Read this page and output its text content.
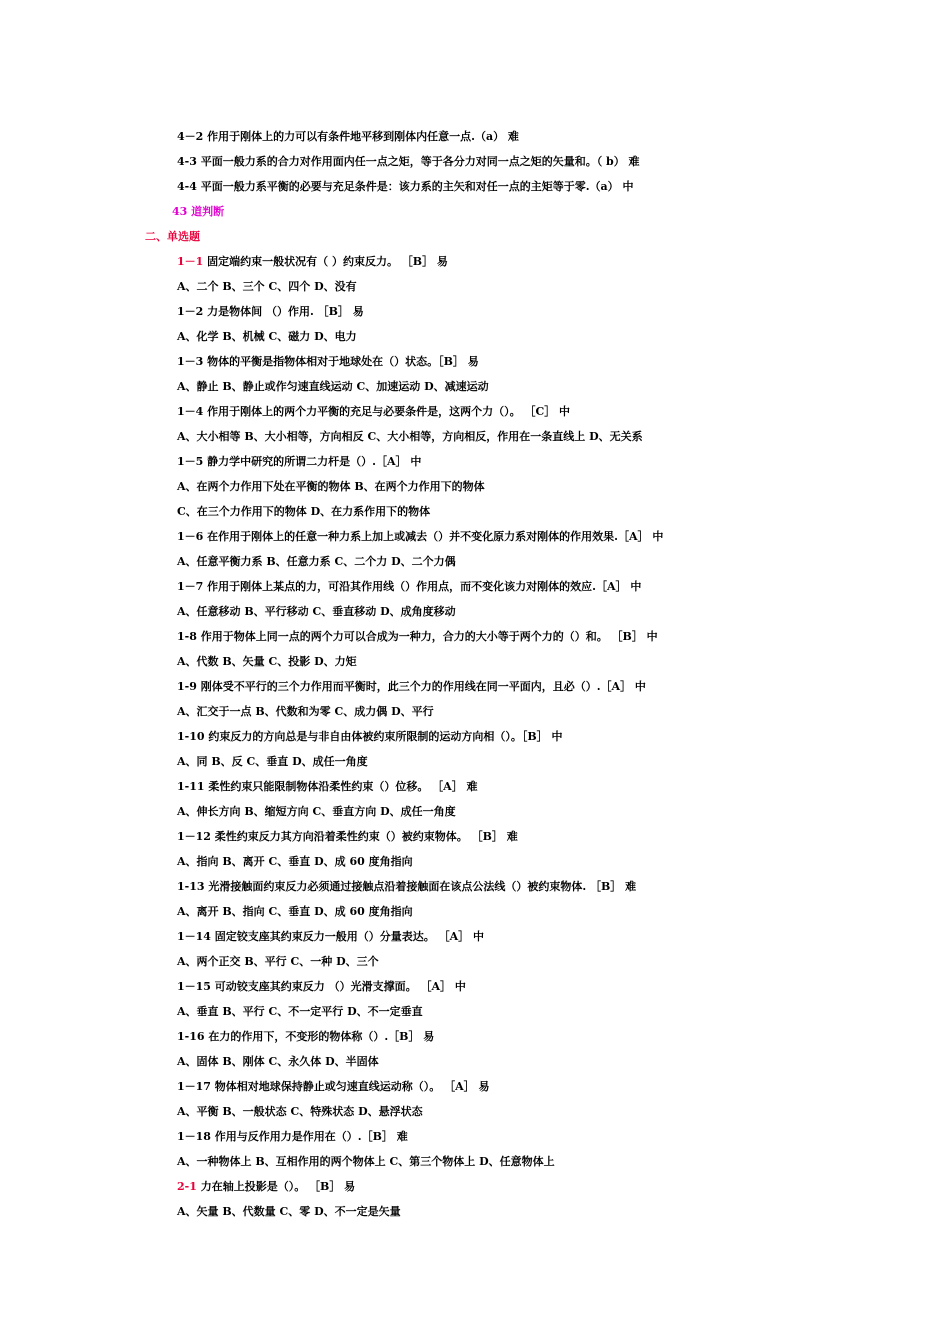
4－2 作用于刚体上的力可以有条件地平移到刚体内任意一点.（a） 难
4-3 平面一般力系的合力对作用面内任一点之矩，等于各分力对同一点之矩的矢量和。（ b） 难
4-4 平面一般力系平衡的必要与充足条件是：该力系的主矢和对任一点的主矩等于零.（a） 中
43 道判断
二、单选题
1－1 固定端约束一般状况有（ ）约束反力。 ［B］ 易
A、二个 B、三个 C、四个 D、没有
1－2 力是物体间 （）作用. ［B］ 易
A、化学 B、机械 C、磁力 D、电力
1－3 物体的平衡是指物体相对于地球处在（）状态。［B］ 易
A、静止 B、静止或作匀速直线运动 C、加速运动 D、减速运动
1－4 作用于刚体上的两个力平衡的充足与必要条件是，这两个力（）。 ［C］ 中
A、大小相等 B、大小相等，方向相反 C、大小相等，方向相反，作用在一条直线上 D、无关系
1－5 静力学中研究的所谓二力杆是（）.［A］ 中
A、在两个力作用下处在平衡的物体 B、在两个力作用下的物体
C、在三个力作用下的物体 D、在力系作用下的物体
1－6 在作用于刚体上的任意一种力系上加上或减去（）并不变化原力系对刚体的作用效果.［A］ 中
A、任意平衡力系 B、任意力系 C、二个力 D、二个力偶
1－7 作用于刚体上某点的力，可沿其作用线（）作用点，而不变化该力对刚体的效应.［A］ 中
A、任意移动 B、平行移动 C、垂直移动 D、成角度移动
1-8 作用于物体上同一点的两个力可以合成为一种力，合力的大小等于两个力的（）和。 ［B］ 中
A、代数 B、矢量 C、投影 D、力矩
1-9 刚体受不平行的三个力作用而平衡时，此三个力的作用线在同一平面内，且必（）.［A］ 中
A、汇交于一点 B、代数和为零 C、成力偶 D、平行
1-10 约束反力的方向总是与非自由体被约束所限制的运动方向相（）。［B］ 中
A、同 B、反 C、垂直 D、成任一角度
1-11 柔性约束只能限制物体沿柔性约束（）位移。 ［A］ 难
A、伸长方向 B、缩短方向 C、垂直方向 D、成任一角度
1－12 柔性约束反力其方向沿着柔性约束（）被约束物体。 ［B］ 难
A、指向 B、离开 C、垂直 D、成 60 度角指向
1-13 光滑接触面约束反力必须通过接触点沿着接触面在该点公法线（）被约束物体. ［B］ 难
A、离开 B、指向 C、垂直 D、成 60 度角指向
1－14 固定铰支座其约束反力一般用（）分量表达。 ［A］ 中
A、两个正交 B、平行 C、一种 D、三个
1－15 可动铰支座其约束反力 （）光滑支撑面。 ［A］ 中
A、垂直 B、平行 C、不一定平行 D、不一定垂直
1-16 在力的作用下，不变形的物体称（）.［B］ 易
A、固体 B、刚体 C、永久体 D、半固体
1－17 物体相对地球保持静止或匀速直线运动称（）。 ［A］ 易
A、平衡 B、一般状态 C、特殊状态 D、悬浮状态
1－18 作用与反作用力是作用在（）.［B］ 难
A、一种物体上 B、互相作用的两个物体上 C、第三个物体上 D、任意物体上
2-1 力在轴上投影是（）。 ［B］ 易
A、矢量 B、代数量 C、零 D、不一定是矢量
